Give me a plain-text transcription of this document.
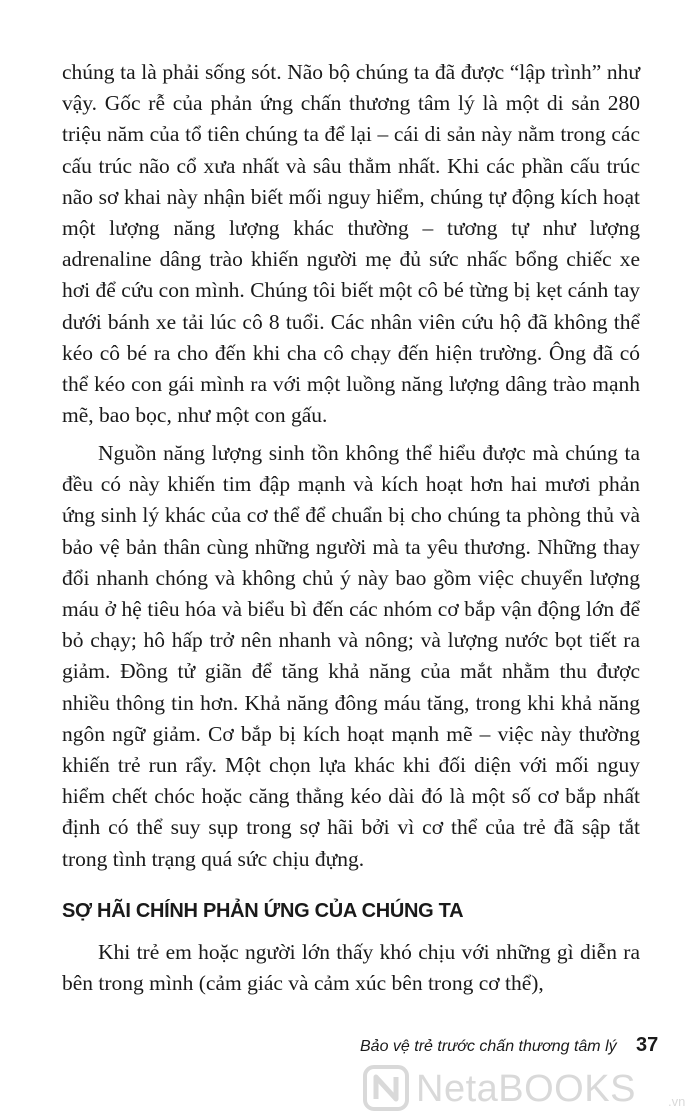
chúng ta là phải sống sót. Não bộ chúng ta đã được “lập trình” như vậy. Gốc rễ của phản ứng chấn thương tâm lý là một di sản 280 triệu năm của tổ tiên chúng ta để lại – cái di sản này nằm trong các cấu trúc não cổ xưa nhất và sâu thẳm nhất. Khi các phần cấu trúc não sơ khai này nhận biết mối nguy hiểm, chúng tự động kích hoạt một lượng năng lượng khác thường – tương tự như lượng adrenaline dâng trào khiến người mẹ đủ sức nhấc bổng chiếc xe hơi để cứu con mình. Chúng tôi biết một cô bé từng bị kẹt cánh tay dưới bánh xe tải lúc cô 8 tuổi. Các nhân viên cứu hộ đã không thể kéo cô bé ra cho đến khi cha cô chạy đến hiện trường. Ông đã có thể kéo con gái mình ra với một luồng năng lượng dâng trào mạnh mẽ, bao bọc, như một con gấu.

Nguồn năng lượng sinh tồn không thể hiểu được mà chúng ta đều có này khiến tim đập mạnh và kích hoạt hơn hai mươi phản ứng sinh lý khác của cơ thể để chuẩn bị cho chúng ta phòng thủ và bảo vệ bản thân cùng những người mà ta yêu thương. Những thay đổi nhanh chóng và không chủ ý này bao gồm việc chuyển lượng máu ở hệ tiêu hóa và biểu bì đến các nhóm cơ bắp vận động lớn để bỏ chạy; hô hấp trở nên nhanh và nông; và lượng nước bọt tiết ra giảm. Đồng tử giãn để tăng khả năng của mắt nhằm thu được nhiều thông tin hơn. Khả năng đông máu tăng, trong khi khả năng ngôn ngữ giảm. Cơ bắp bị kích hoạt mạnh mẽ – việc này thường khiến trẻ run rẩy. Một chọn lựa khác khi đối diện với mối nguy hiểm chết chóc hoặc căng thẳng kéo dài đó là một số cơ bắp nhất định có thể suy sụp trong sợ hãi bởi vì cơ thể của trẻ đã sập tắt trong tình trạng quá sức chịu đựng.

SỢ HÃI CHÍNH PHẢN ỨNG CỦA CHÚNG TA

Khi trẻ em hoặc người lớn thấy khó chịu với những gì diễn ra bên trong mình (cảm giác và cảm xúc bên trong cơ thể),

Bảo vệ trẻ trước chấn thương tâm lý 37
NetaBOOKS .vn
